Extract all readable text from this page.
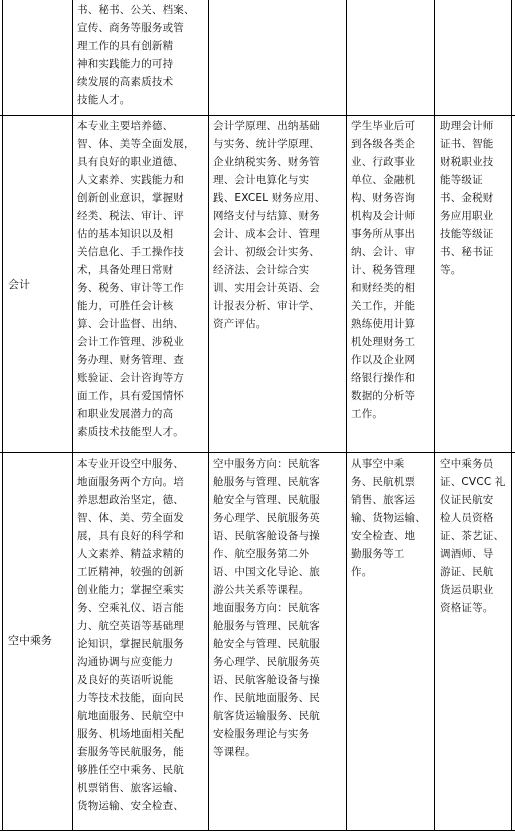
书、秘书、公关、档案、
宣传、商务等服务或管
理工作的具有创新精
神和实践能力的可持
续发展的高素质技术
技能人才。
会计
本专业主要培养德、
智、体、美等全面发展，
具有良好的职业道德、
人文素养、实践能力和
创新创业意识，掌握财
经类、税法、审计、评
估的基本知识以及相
关信息化、手工操作技
术，具备处理日常财
务、税务、审计等工作
能力，可胜任会计核
算、会计监督、出纳、
会计工作管理、涉税业
务办理、财务管理、查
账验证、会计咨询等方
面工作，具有爱国情怀
和职业发展潜力的高
素质技术技能型人才。
会计学原理、出纳基础
与实务、统计学原理、
企业纳税实务、财务管
理、会计电算化与实
践、EXCEL 财务应用、
网络支付与结算、财务
会计、成本会计、管理
会计、初级会计实务、
经济法、会计综合实
训、实用会计英语、会
计报表分析、审计学、
资产评估。
学生毕业后可
到各级各类企
业、行政事业
单位、金融机
构、财务咨询
机构及会计师
事务所从事出
纳、会计、审
计、税务管理
和财经类的相
关工作，并能
熟练使用计算
机处理财务工
作以及企业网
络银行操作和
数据的分析等
工作。
助理会计师
证书、智能
财税职业技
能等级证
书、金税财
务应用职业
技能等级证
书、秘书证
等。
空中乘务
本专业开设空中服务、
地面服务两个方向。培
养思想政治坚定，德、
智、体、美、劳全面发
展，具有良好的科学和
人文素养、精益求精的
工匠精神，较强的创新
创业能力；掌握空乘实
务、空乘礼仪、语言能
力、航空英语等基础理
论知识，掌握民航服务
沟通协调与应变能力
及良好的英语听说能
力等技术技能，面向民
航地面服务、民航空中
服务、机场地面相关配
套服务等民航服务，能
够胜任空中乘务、民航
机票销售、旅客运输、
货物运输、安全检查、
空中服务方向：民航客
舱服务与管理、民航客
舱安全与管理、民航服
务心理学、民航服务英
语、民航客舱设备与操
作、航空服务第二外
语、中国文化导论、旅
游公共关系等课程。
地面服务方向：民航客
舱服务与管理、民航客
舱安全与管理、民航服
务心理学、民航服务英
语、民航客舱设备与操
作、民航地面服务、民
航客货运输服务、民航
安检服务理论与实务
等课程。
从事空中乘
务、民航机票
销售、旅客运
输、货物运输、
安全检查、地
勤服务等工
作。
空中乘务员
证、CVCC 礼
仪证民航安
检人员资格
证、茶艺证、
调酒师、导
游证、民航
货运员职业
资格证等。
